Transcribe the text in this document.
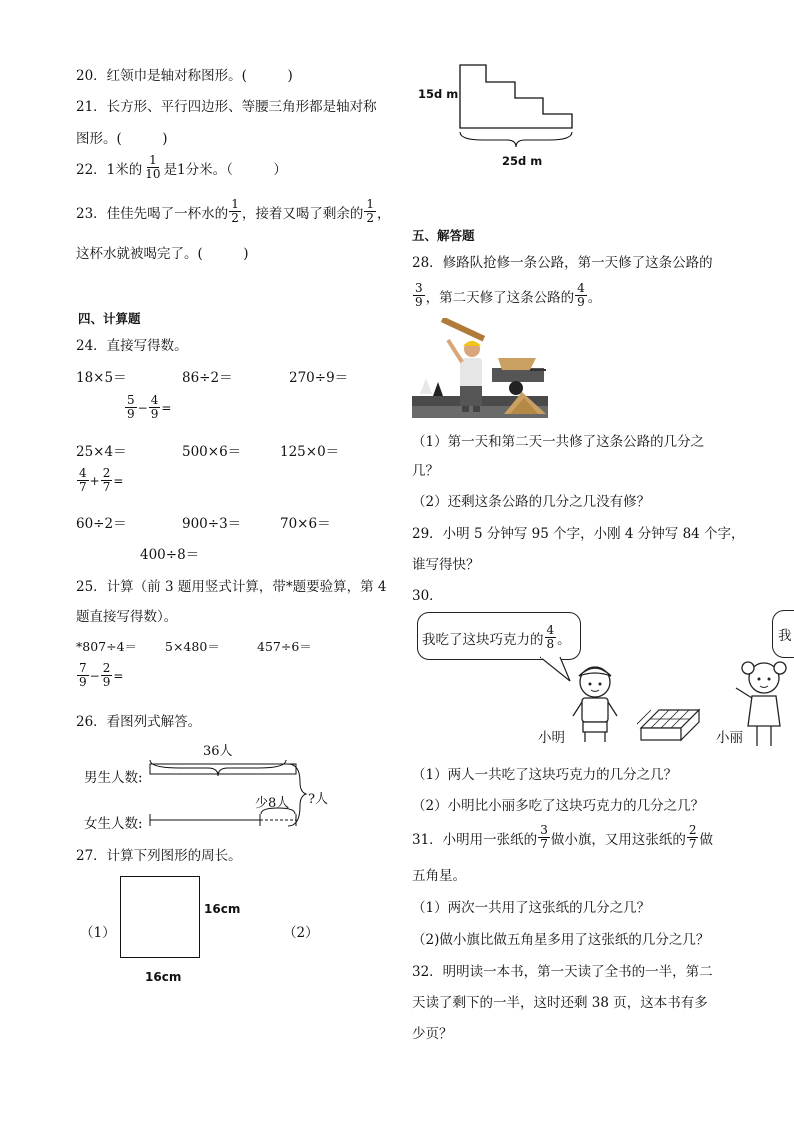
20．红领巾是轴对称图形。(　　　)
21．长方形、平行四边形、等腰三角形都是轴对称
图形。(　　　)
22．1米的 $\frac{1}{10}$ 是1分米。（　　　）
23．佳佳先喝了一杯水的 $\frac{1}{2}$ ，接着又喝了剩余的 $\frac{1}{2}$ ，
这杯水就被喝完了。(　　　)
四、计算题
24．直接写得数。
18×5＝	86÷2＝	270÷9＝
$\frac{5}{9} - \frac{4}{9}$ =
25×4＝	500×6＝	125×0＝
$\frac{4}{7} + \frac{2}{7}$ =
60÷2＝	900÷3＝	70×6＝
400÷8＝
25．计算（前 3 题用竖式计算，带*题要验算，第 4
题直接写得数）。
*807÷4＝ 5×480＝	457÷6＝
$\frac{7}{9} - \frac{2}{9}$ =
26．看图列式解答。
36人
男生人数:
女生人数:
少8人 ?人
27．计算下列图形的周长。
（1）
16cm
16cm
（2）
15d m
25d m
五、解答题
28．修路队抢修一条公路，第一天修了这条公路的
$\frac{3}{9}$ ，第二天修了这条公路的 $\frac{4}{9}$ 。
（1）第一天和第二天一共修了这条公路的几分之
几？
（2）还剩这条公路的几分之几没有修？
29．小明 5 分钟写 95 个字，小刚 4 分钟写 84 个字，
谁写得快？
30．
我吃了这块巧克力的 $\frac{4}{8}$ 。	我
小明	小丽
（1）两人一共吃了这块巧克力的几分之几？
（2）小明比小丽多吃了这块巧克力的几分之几？
31．小明用一张纸的 $\frac{3}{7}$ 做小旗，又用这张纸的 $\frac{2}{7}$ 做
五角星。
（1）两次一共用了这张纸的几分之几？
（2)做小旗比做五角星多用了这张纸的几分之几？
32．明明读一本书，第一天读了全书的一半，第二
天读了剩下的一半，这时还剩 38 页，这本书有多
少页？
